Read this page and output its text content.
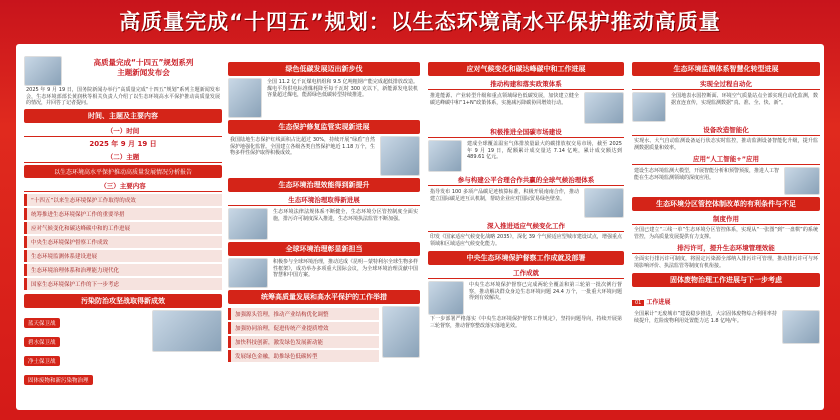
高质量完成“十四五”规划：以生态环境高水平保护推动高质量
高质量完成“十四五”规划系列
主题新闻发布会
2025 年 9 月 19 日，国务院新闻办举行“高质量完成“十四五”规划”系列主题新闻发布会，生态环境部部长黄润秋等相关负责人介绍了以生态环境高水平保护推动高质量发展的情况，并回答了记者提问。
时间、主题及主要内容
（一）时间
2025 年 9 月 19 日
（二）主题
以生态环境高水平保护推动高质量发展情况分析报告
（三）主要内容
“十四五”以来生态环境保护工作取得的成效
统筹推进生态环境保护工作的重要举措
应对气候变化和碳达峰碳中和的工作进展
中央生态环境保护督察工作成效
生态环境监测体系建设进展
生态环境治理体系和治理能力现代化
国家生态环境保护工作的下一步考虑
污染防治攻坚战取得新成效
蓝天保卫战
碧水保卫战
净土保卫战
固体废物和新污染物治理
绿色低碳发展迈出新步伐
全国 11.2 亿千瓦煤电机组和 9.5 亿吨粗钢产能完成超低排放改造。煤电平均供电标准煤耗降至每千瓦时 300 克以下，新能源发电装机容量超过煤电，能源绿色低碳转型持续推进。
生态保护修复监管实现新进展
我国陆地生态保护红线面积占比超过 30%，持续开展“绿盾”自然保护地强化监督。全国建立各级各类自然保护地近 1.18 万个，生物多样性保护取得积极成效。
生态环境治理效能得到新提升
生态环境治理取得新进展
生态环境法律法规体系不断健全，生态环境分区管控制度全面实施，排污许可制度深入推进，生态环境执法监管不断加强。
全球环境治理彰显新担当
积极参与全球环境治理，推动达成《昆明－蒙特利尔全球生物多样性框架》，成功举办多项重大国际会议，为全球环境治理贡献中国智慧和中国方案。
统筹高质量发展和高水平保护的工作举措
加强源头管理，推动产业结构优化调整
加强协同治理，促进传统产业提质增效
加快科技创新，激发绿色发展新动能
发展绿色金融，助推绿色低碳转型
应对气候变化和碳达峰碳中和工作进展
推动构建和落实政策体系
推进能源、产业转型升级和重点领域绿色低碳发展，加快建立健全碳达峰碳中和“1+N”政策体系，实施减污降碳协同增效行动。
积极推进全国碳市场建设
建成全球覆盖温室气体排放量最大的碳排放权交易市场，截至 2025 年 9 月 19 日，配额累计成交量达 7.14 亿吨，累计成交额达到 489.61 亿元。
参与构建公平合理合作共赢的全球气候治理体系
指导发布 100 多项产品碳足迹核算标准，积极开展南南合作，推动建立国际碳足迹互认机制，帮助企业应对国际贸易绿色壁垒。
深入推进适应气候变化工作
印发《国家适应气候变化战略 2035》，深化 39 个气候适应型城市建设试点，增强重点领域和区域适应气候变化能力。
中央生态环境保护督察工作成就及部署
工作成就
中央生态环境保护督察已完成两轮全覆盖和第三轮第一批次例行督察，推动解决群众身边生态环境问题 24.4 万个，一批重大环境问题得到有效解决。
下一步部署严格落实《中央生态环境保护督察工作规定》，坚持问题导向，持续开展第三轮督察，推动督察整改落实落地见效。
生态环境监测体系智慧化转型进展
实现全过程自动化
全国地表水国控断面、环境空气质量站点全部实现自动化监测，数据直连直传，实现监测数据“真、准、全、快、新”。
设备改造智能化
实现水、大气自动监测设备运行状态实时监控，推动监测设备智能化升级，提升监测数据质量和效率。
应用“人工智能+”应用
建设生态环境监测大模型，开展智能分析和预警预报，推进人工智能在生态环境监测领域的深度应用。
生态环境分区管控体制改革的有利条件与不足
制度作用
全国已建立“三线一单”生态环境分区管控体系，实现从“一张图”到“一盘棋”的系统管控，为高质量发展提供有力支撑。
排污许可，提升生态环境管理效能
全面实行排污许可制度，将固定污染源全部纳入排污许可管理，推动排污许可与环境影响评价、执法监管等制度有机衔接。
固体废物治理工作进展与下一步考虑
01 工作进展
全国累计“无废城市”建设稳步推进，大宗固体废物综合利用率持续提升，危险废物利用处置能力达 1.8 亿吨/年。
